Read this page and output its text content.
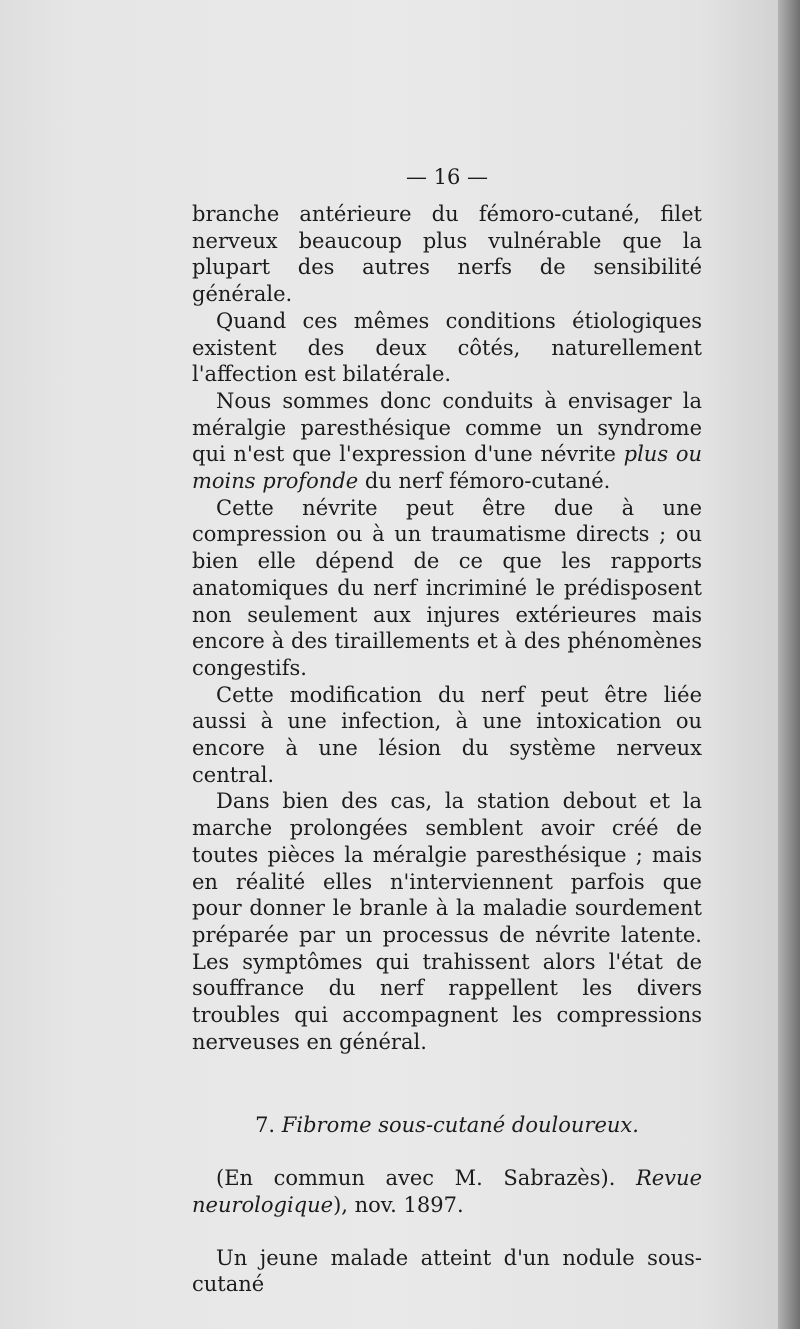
— 16 —

branche antérieure du fémoro-cutané, filet nerveux beaucoup plus vulnérable que la plupart des autres nerfs de sensibilité générale.

Quand ces mêmes conditions étiologiques existent des deux côtés, naturellement l'affection est bilatérale.

Nous sommes donc conduits à envisager la méralgie paresthésique comme un syndrome qui n'est que l'expression d'une névrite plus ou moins profonde du nerf fémoro-cutané.

Cette névrite peut être due à une compression ou à un traumatisme directs ; ou bien elle dépend de ce que les rapports anatomiques du nerf incriminé le prédisposent non seulement aux injures extérieures mais encore à des tiraillements et à des phénomènes congestifs.

Cette modification du nerf peut être liée aussi à une infection, à une intoxication ou encore à une lésion du système nerveux central.

Dans bien des cas, la station debout et la marche prolongées semblent avoir créé de toutes pièces la méralgie paresthésique ; mais en réalité elles n'interviennent parfois que pour donner le branle à la maladie sourdement préparée par un processus de névrite latente. Les symptômes qui trahissent alors l'état de souffrance du nerf rappellent les divers troubles qui accompagnent les compressions nerveuses en général.

7. Fibrome sous-cutané douloureux.

(En commun avec M. Sabrazès). Revue neurologique), nov. 1897.

Un jeune malade atteint d'un nodule sous-cutané
